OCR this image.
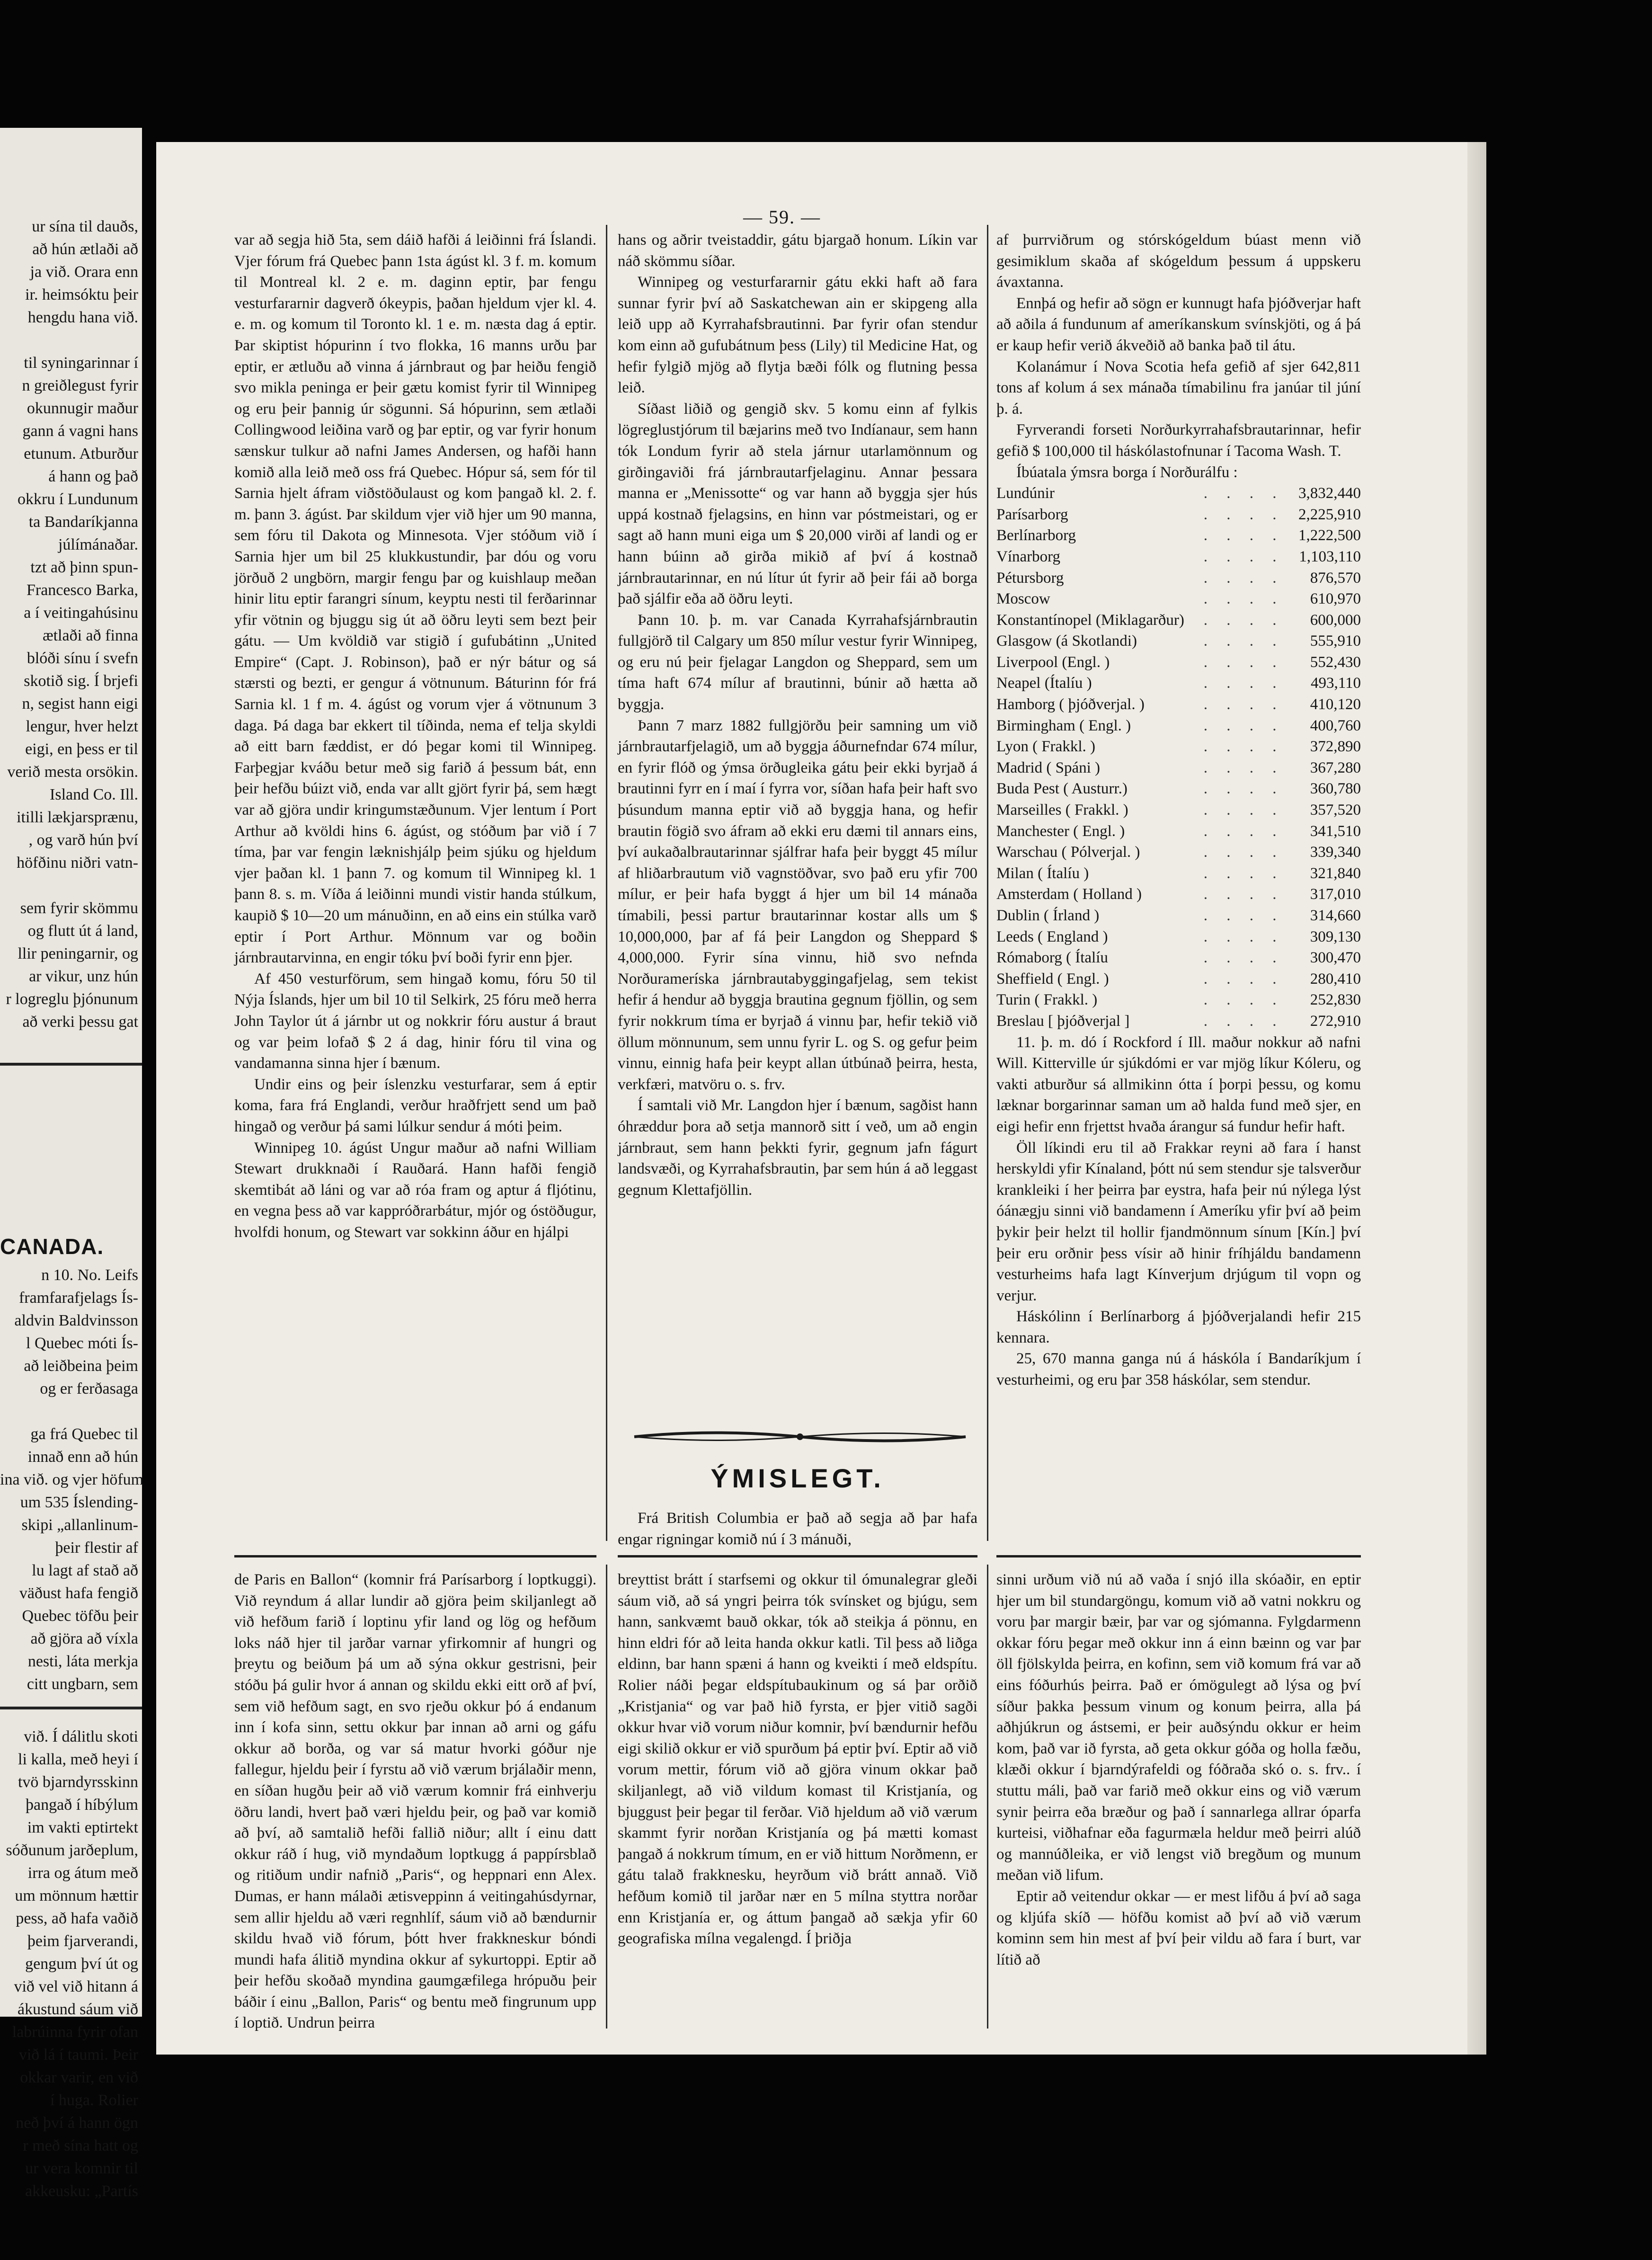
ur sína til dauðs,
að hún ætlaði að
ja við. Orara enn
ir. heimsóktu þeir
hengdu hana við.
til syningarinnar í
n greiðlegust fyrir
okunnugir maður
gann á vagni hans
etunum. Atburður
á hann og það
okkru í Lundunum
ta Bandaríkjanna
júlímánaðar.
tzt að þinn spun-
Francesco Barka,
a í veitingahúsinu
ætlaði að finna
blóði sínu í svefn
skotið sig. Í brjefi
n, segist hann eigi
lengur, hver helzt
eigi, en þess er til
verið mesta orsökin.
Island Co. Ill.
itilli lækjarsprænu,
, og varð hún því
höfðinu niðri vatn-
sem fyrir skömmu
og flutt út á land,
llir peningarnir, og
ar vikur, unz hún
r logreglu þjónunum
að verki þessu gat
CANADA.
n 10. No. Leifs
framfarafjelags Ís-
aldvin Baldvinsson
l Quebec móti Ís-
að leiðbeina þeim
og er ferðasaga
ga frá Quebec til
innað enn að hún
ina við. og vjer höfum
um 535 Íslending-
skipi „allanlinum-
þeir flestir af
lu lagt af stað að
väðust hafa fengið
Quebec töfðu þeir
að gjöra að víxla
nesti, láta merkja
citt ungbarn, sem
við. Í dálitlu skoti
li kalla, með heyi í
tvö bjarndyrsskinn
þangað í híbýlum
im vakti eptirtekt
sóðunum jarðeplum,
irra og átum með
um mönnum hættir
pess, að hafa vaðið
þeim fjarverandi,
gengum því út og
við vel við hitann á
ákustund sáum við
labrúinna fyrir ofan
við lá í taumi. Þeir
okkar varir, en við
í huga. Rolier
neð því á hann ögn
r með sína hatt og
ur vera komnir til
akkeusku: „Partís
— 59. —

var að segja hið 5ta, sem dáið hafði á leiðinni frá Íslandi. Vjer fórum frá Quebec þann 1sta ágúst kl. 3 f. m. komum til Montreal kl. 2 e. m. daginn eptir, þar fengu vesturfararnir dagverð ókeypis, þaðan hjeldum vjer kl. 4. e. m. og komum til Toronto kl. 1 e. m. næsta dag á eptir. Þar skiptist hópurinn í tvo flokka, 16 manns urðu þar eptir, er ætluðu að vinna á járnbraut og þar heiðu fengið svo mikla peninga er þeir gætu komist fyrir til Winnipeg og eru þeir þannig úr sögunni. Sá hópurinn, sem ætlaði Collingwood leiðina varð og þar eptir, og var fyrir honum sænskur tulkur að nafni James Andersen, og hafði hann komið alla leið með oss frá Quebec. Hópur sá, sem fór til Sarnia hjelt áfram viðstöðulaust og kom þangað kl. 2. f. m. þann 3. ágúst. Þar skildum vjer við hjer um 90 manna, sem fóru til Dakota og Minnesota. Vjer stóðum við í Sarnia hjer um bil 25 klukkustundir, þar dóu og voru jörðuð 2 ungbörn, margir fengu þar og kuishlaup meðan hinir litu eptir farangri sínum, keyptu nesti til ferðarinnar yfir vötnin og bjuggu sig út að öðru leyti sem bezt þeir gátu. — Um kvöldið var stigið í gufubátinn „United Empire“ (Capt. J. Robinson), það er nýr bátur og sá stærsti og bezti, er gengur á vötnunum. Báturinn fór frá Sarnia kl. 1 f m. 4. ágúst og vorum vjer á vötnunum 3 daga. Þá daga bar ekkert til tíðinda, nema ef telja skyldi að eitt barn fæddist, er dó þegar komi til Winnipeg. Farþegjar kváðu betur með sig farið á þessum bát, enn þeir hefðu búizt við, enda var allt gjört fyrir þá, sem hægt var að gjöra undir kringumstæðunum. Vjer lentum í Port Arthur að kvöldi hins 6. ágúst, og stóðum þar við í 7 tíma, þar var fengin læknishjálp þeim sjúku og hjeldum vjer þaðan kl. 1 þann 7. og komum til Winnipeg kl. 1 þann 8. s. m. Víða á leiðinni mundi vistir handa stúlkum, kaupið $ 10—20 um mánuðinn, en að eins ein stúlka varð eptir í Port Arthur. Mönnum var og boðin járnbrautarvinna, en engir tóku því boði fyrir enn þjer.

Af 450 vesturförum, sem hingað komu, fóru 50 til Nýja Íslands, hjer um bil 10 til Selkirk, 25 fóru með herra John Taylor út á járnbr ut og nokkrir fóru austur á braut og var þeim lofað $ 2 á dag, hinir fóru til vina og vandamanna sinna hjer í bænum.

Undir eins og þeir íslenzku vesturfarar, sem á eptir koma, fara frá Englandi, verður hraðfrjett send um það hingað og verður þá sami lúlkur sendur á móti þeim.

Winnipeg 10. ágúst Ungur maður að nafni William Stewart drukknaði í Rauðará. Hann hafði fengið skemtibát að láni og var að róa fram og aptur á fljótinu, en vegna þess að var kappróðrarbátur, mjór og óstöðugur, hvolfdi honum, og Stewart var sokkinn áður en hjálpi

hans og aðrir tveistaddir, gátu bjargað honum. Líkin var náð skömmu síðar.

Winnipeg og vesturfararnir gátu ekki haft að fara sunnar fyrir því að Saskatchewan ain er skipgeng alla leið upp að Kyrrahafsbrautinni. Þar fyrir ofan stendur kom einn að gufubátnum þess (Lily) til Medicine Hat, og hefir fylgið mjög að flytja bæði fólk og flutning þessa leið.

Síðast liðið og gengið skv. 5 komu einn af fylkis lögreglustjórum til bæjarins með tvo Indíanaur, sem hann tók Londum fyrir að stela járnur utarlamönnum og girðingaviði frá járnbrautarfjelaginu. Annar þessara manna er „Menissotte“ og var hann að byggja sjer hús uppá kostnað fjelagsins, en hinn var póstmeistari, og er sagt að hann muni eiga um $ 20,000 virði af landi og er hann búinn að girða mikið af því á kostnað járnbrautarinnar, en nú lítur út fyrir að þeir fái að borga það sjálfir eða að öðru leyti.

Þann 10. þ. m. var Canada Kyrrahafsjárnbrautin fullgjörð til Calgary um 850 mílur vestur fyrir Winnipeg, og eru nú þeir fjelagar Langdon og Sheppard, sem um tíma haft 674 mílur af brautinni, búnir að hætta að byggja.

Þann 7 marz 1882 fullgjörðu þeir samning um við járnbrautarfjelagið, um að byggja áðurnefndar 674 mílur, en fyrir flóð og ýmsa örðugleika gátu þeir ekki byrjað á brautinni fyrr en í maí í fyrra vor, síðan hafa þeir haft svo þúsundum manna eptir við að byggja hana, og hefir brautin fögið svo áfram að ekki eru dæmi til annars eins, því aukaðalbrautarinnar sjálfrar hafa þeir byggt 45 mílur af hliðarbrautum við vagnstöðvar, svo það eru yfir 700 mílur, er þeir hafa byggt á hjer um bil 14 mánaða tímabili, þessi partur brautarinnar kostar alls um $ 10,000,000, þar af fá þeir Langdon og Sheppard $ 4,000,000. Fyrir sína vinnu, hið svo nefnda Norðurameríska járnbrautabyggingafjelag, sem tekist hefir á hendur að byggja brautina gegnum fjöllin, og sem fyrir nokkrum tíma er byrjað á vinnu þar, hefir tekið við öllum mönnunum, sem unnu fyrir L. og S. og gefur þeim vinnu, einnig hafa þeir keypt allan útbúnað þeirra, hesta, verkfæri, matvöru o. s. frv.

Í samtali við Mr. Langdon hjer í bænum, sagðist hann óhræddur þora að setja mannorð sitt í veð, um að engin járnbraut, sem hann þekkti fyrir, gegnum jafn fágurt landsvæði, og Kyrrahafsbrautin, þar sem hún á að leggast gegnum Klettafjöllin.

ÝMISLEGT.

Frá British Columbia er það að segja að þar hafa engar rigningar komið nú í 3 mánuði,

af þurrviðrum og stórskógeldum búast menn við gesimiklum skaða af skógeldum þessum á uppskeru ávaxtanna.

Ennþá og hefir að sögn er kunnugt hafa þjóðverjar haft að aðila á fundunum af ameríkanskum svínskjöti, og á þá er kaup hefir verið ákveðið að banka það til átu.

Kolanámur í Nova Scotia hefa gefið af sjer 642,811 tons af kolum á sex mánaða tímabilinu fra janúar til júní þ. á.

Fyrverandi forseti Norðurkyrrahafsbrautarinnar, hefir gefið $ 100,000 til háskólastofnunar í Tacoma Wash. T.

Íbúatala ýmsra borga í Norðurálfu :

Lundúnir	. . . .	3,832,440
Parísarborg	. . . .	2,225,910
Berlínarborg	. . . .	1,222,500
Vínarborg	. . . .	1,103,110
Pétursborg	. . . .	876,570
Moscow	. . . .	610,970
Konstantínopel (Miklagarður)	. . . .	600,000
Glasgow (á Skotlandi)	. . . .	555,910
Liverpool (Engl. )	. . . .	552,430
Neapel (Ítalíu )	. . . .	493,110
Hamborg ( þjóðverjal. )	. . . .	410,120
Birmingham ( Engl. )	. . . .	400,760
Lyon ( Frakkl. )	. . . .	372,890
Madrid ( Spáni )	. . . .	367,280
Buda Pest ( Austurr.)	. . . .	360,780
Marseilles ( Frakkl. )	. . . .	357,520
Manchester ( Engl. )	. . . .	341,510
Warschau ( Pólverjal. )	. . . .	339,340
Milan ( Ítalíu )	. . . .	321,840
Amsterdam ( Holland )	. . . .	317,010
Dublin ( Írland )	. . . .	314,660
Leeds ( England )	. . . .	309,130
Rómaborg ( Ítalíu	. . . .	300,470
Sheffield ( Engl. )	. . . .	280,410
Turin ( Frakkl. )	. . . .	252,830
Breslau [ þjóðverjal ]	. . . .	272,910

11. þ. m. dó í Rockford í Ill. maður nokkur að nafni Will. Kitterville úr sjúkdómi er var mjög líkur Kóleru, og vakti atburður sá allmikinn ótta í þorpi þessu, og komu læknar borgarinnar saman um að halda fund með sjer, en eigi hefir enn frjettst hvaða árangur sá fundur hefir haft.

Öll líkindi eru til að Frakkar reyni að fara í hanst herskyldi yfir Kínaland, þótt nú sem stendur sje talsverður krankleiki í her þeirra þar eystra, hafa þeir nú nýlega lýst óánægju sinni við bandamenn í Ameríku yfir því að þeim þykir þeir helzt til hollir fjandmönnum sínum [Kín.] því þeir eru orðnir þess vísir að hinir fríhjáldu bandamenn vesturheims hafa lagt Kínverjum drjúgum til vopn og verjur.

Háskólinn í Berlínarborg á þjóðverjalandi hefir 215 kennara.

25, 670 manna ganga nú á háskóla í Bandaríkjum í vesturheimi, og eru þar 358 háskólar, sem stendur.

de Paris en Ballon“ (komnir frá Parísarborg í loptkuggi). Við reyndum á allar lundir að gjöra þeim skiljanlegt að við hefðum farið í loptinu yfir land og lög og hefðum loks náð hjer til jarðar varnar yfirkomnir af hungri og þreytu og beiðum þá um að sýna okkur gestrisni, þeir stóðu þá gulir hvor á annan og skildu ekki eitt orð af því, sem við hefðum sagt, en svo rjeðu okkur þó á endanum inn í kofa sinn, settu okkur þar innan að arni og gáfu okkur að borða, og var sá matur hvorki góður nje fallegur, hjeldu þeir í fyrstu að við værum brjálaðir menn, en síðan hugðu þeir að við værum komnir frá einhverju öðru landi, hvert það væri hjeldu þeir, og það var komið að því, að samtalið hefði fallið niður; allt í einu datt okkur ráð í hug, við myndaðum loptkugg á pappírsblað og ritiðum undir nafnið „Paris“, og heppnari enn Alex. Dumas, er hann málaði ætisveppinn á veitingahúsdyrnar, sem allir hjeldu að væri regnhlíf, sáum við að bændurnir skildu hvað við fórum, þótt hver frakkneskur bóndi mundi hafa álitið myndina okkur af sykurtoppi. Eptir að þeir hefðu skoðað myndina gaumgæfilega hrópuðu þeir báðir í einu „Ballon, Paris“ og bentu með fingrunum upp í loptið. Undrun þeirra

breyttist brátt í starfsemi og okkur til ómunalegrar gleði sáum við, að sá yngri þeirra tók svínsket og bjúgu, sem hann, sankvæmt bauð okkar, tók að steikja á pönnu, en hinn eldri fór að leita handa okkur katli. Til þess að liðga eldinn, bar hann spæni á hann og kveikti í með eldspítu. Rolier náði þegar eldspítubaukinum og sá þar orðið „Kristjania“ og var það hið fyrsta, er þjer vitið sagði okkur hvar við vorum niður komnir, því bændurnir hefðu eigi skilið okkur er við spurðum þá eptir því. Eptir að við vorum mettir, fórum við að gjöra vinum okkar það skiljanlegt, að við vildum komast til Kristjanía, og bjuggust þeir þegar til ferðar. Við hjeldum að við værum skammt fyrir norðan Kristjanía og þá mætti komast þangað á nokkrum tímum, en er við hittum Norðmenn, er gátu talað frakknesku, heyrðum við brátt annað. Við hefðum komið til jarðar nær en 5 mílna styttra norðar enn Kristjanía er, og áttum þangað að sækja yfir 60 geografiska mílna vegalengd. Í þriðja

sinni urðum við nú að vaða í snjó illa skóaðir, en eptir hjer um bil stundargöngu, komum við að vatni nokkru og voru þar margir bæir, þar var og sjómanna. Fylgdarmenn okkar fóru þegar með okkur inn á einn bæinn og var þar öll fjölskylda þeirra, en kofinn, sem við komum frá var að eins fóðurhús þeirra. Það er ómögulegt að lýsa og því síður þakka þessum vinum og konum þeirra, alla þá aðhjúkrun og ástsemi, er þeir auðsýndu okkur er heim kom, það var ið fyrsta, að geta okkur góða og holla fæðu, klæði okkur í bjarndýrafeldi og fóðraða skó o. s. frv.. í stuttu máli, það var farið með okkur eins og við værum synir þeirra eða bræður og það í sannarlega allrar óparfa kurteisi, viðhafnar eða fagurmæla heldur með þeirri alúð og mannúðleika, er við lengst við bregðum og munum meðan við lifum.

Eptir að veitendur okkar — er mest lifðu á því að saga og kljúfa skíð — höfðu komist að því að við værum kominn sem hin mest af því þeir vildu að fara í burt, var lítið að
